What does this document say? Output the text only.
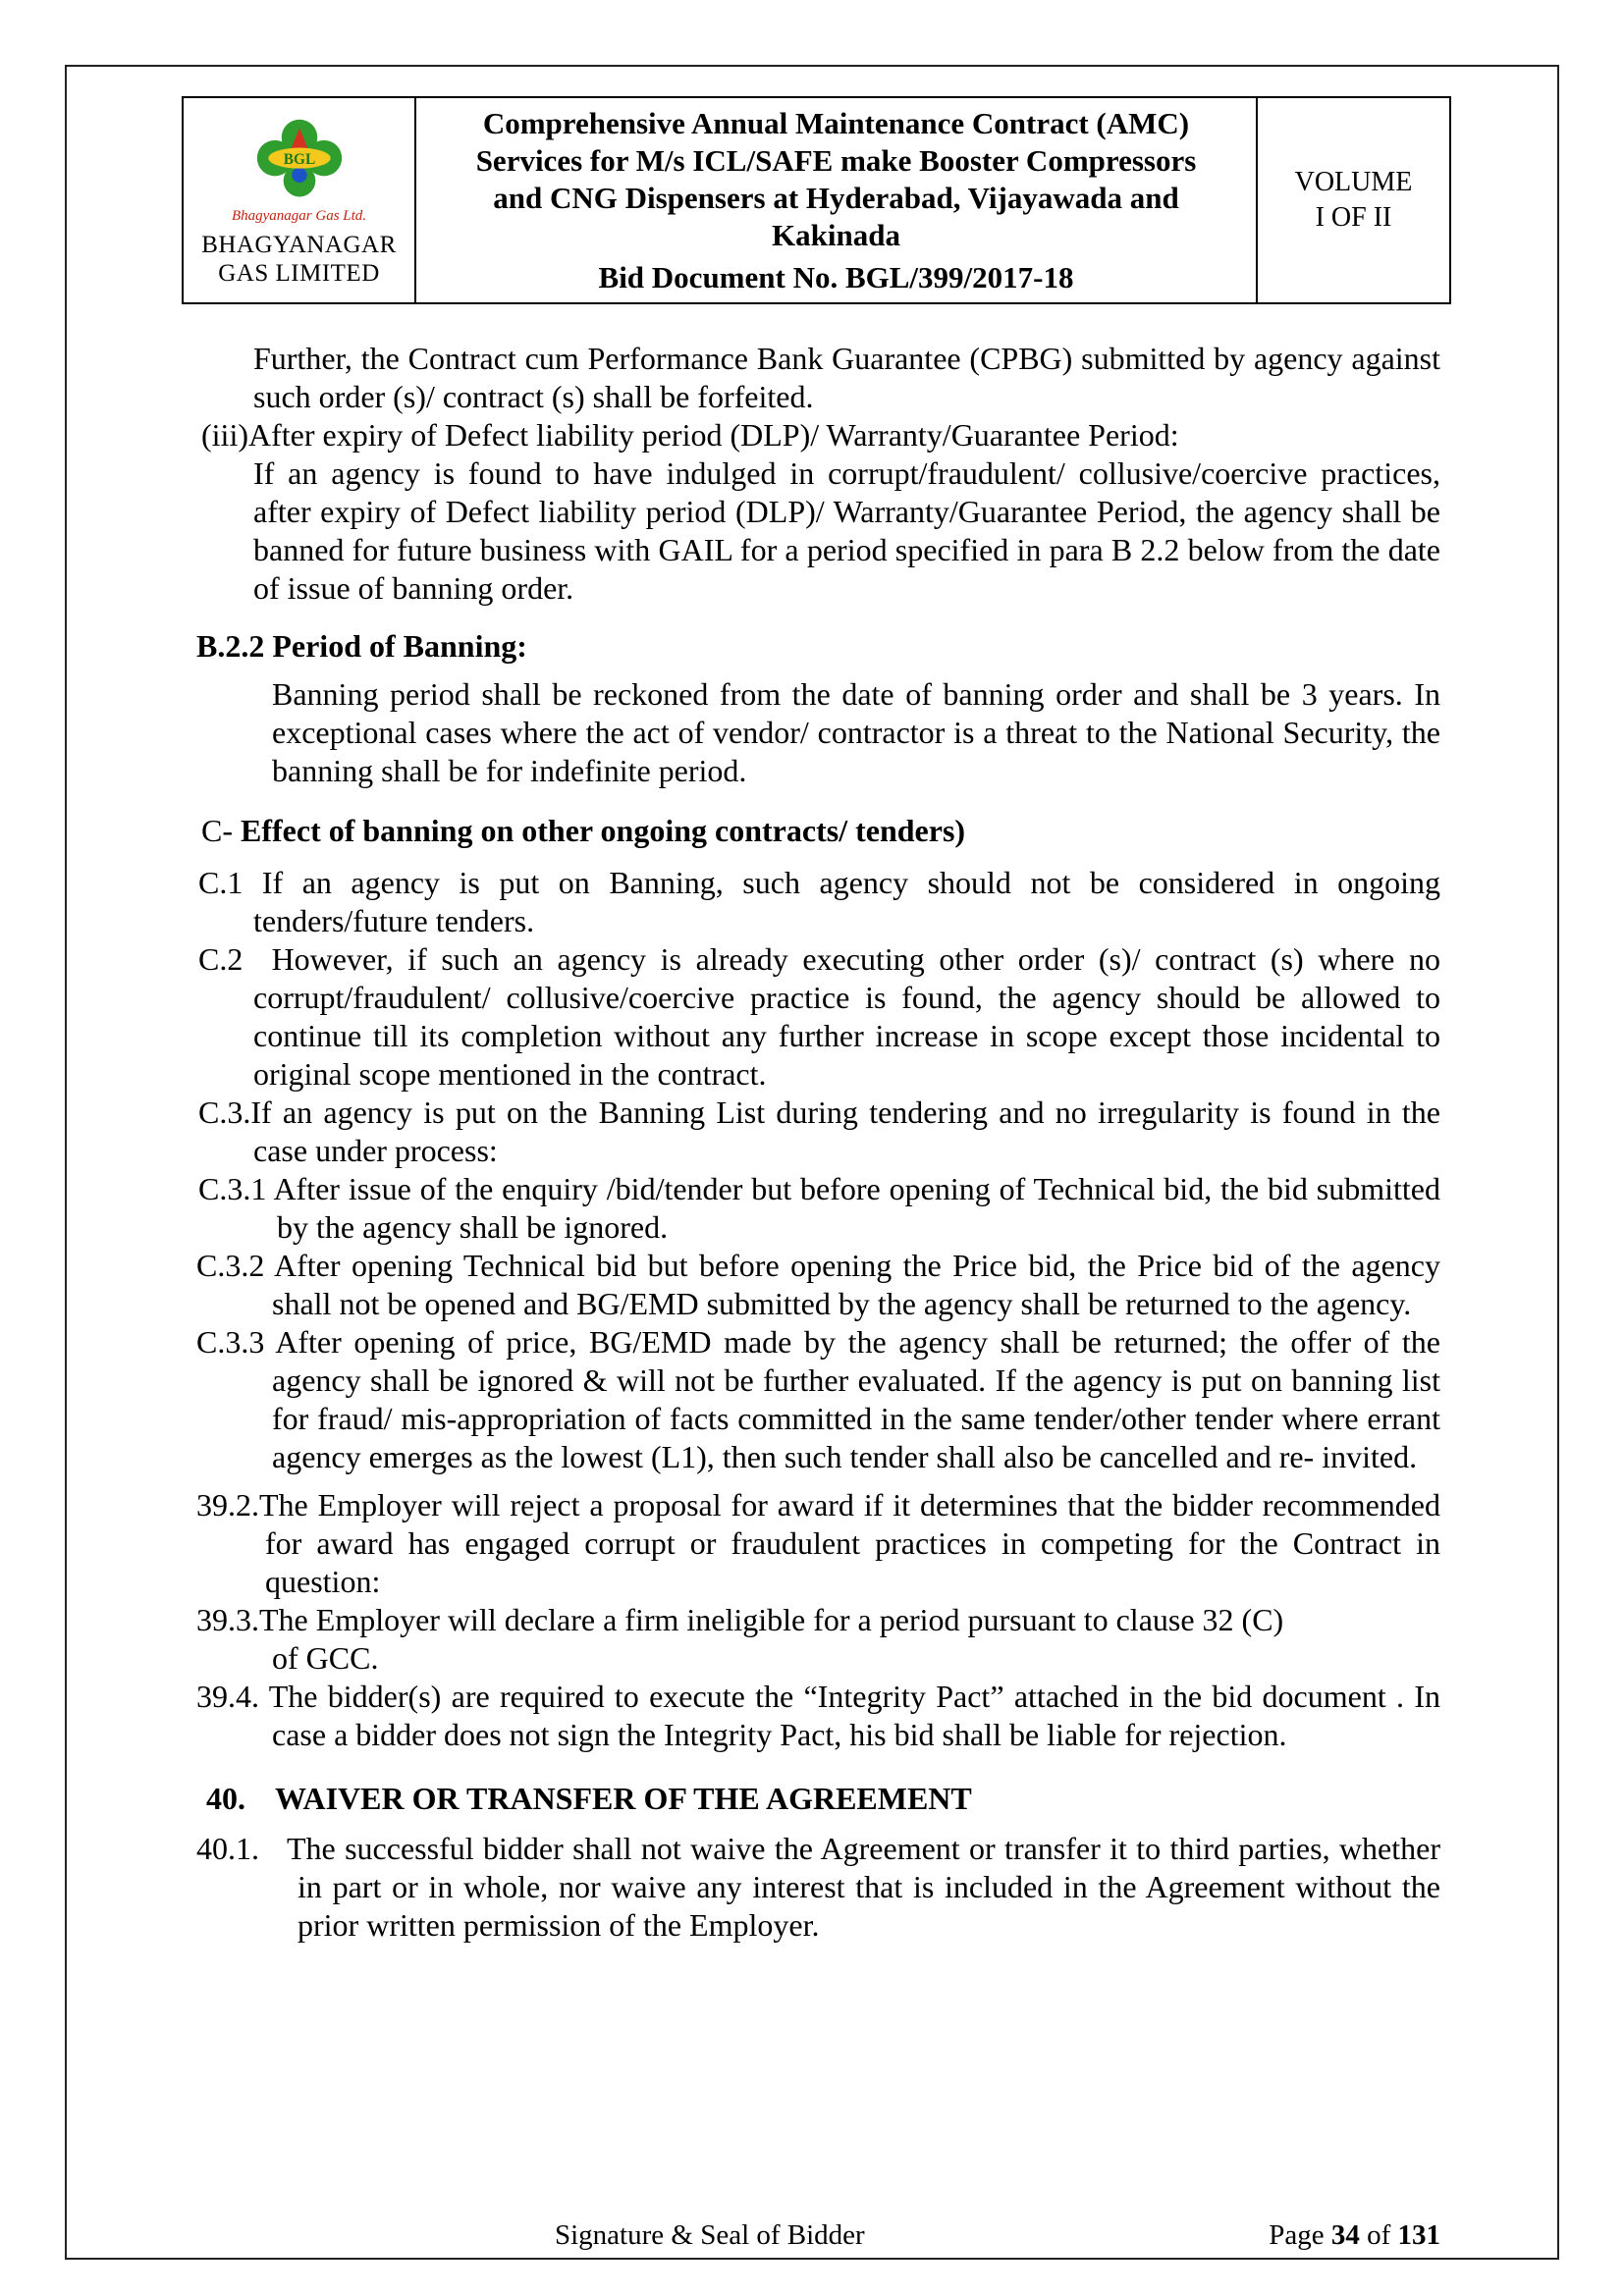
BGL
Bhagyanagar Gas Ltd.
BHAGYANAGAR
GAS LIMITED
Comprehensive Annual Maintenance Contract (AMC)
Services for M/s ICL/SAFE make Booster Compressors
and CNG Dispensers at Hyderabad, Vijayawada and
Kakinada
Bid Document No. BGL/399/2017-18
VOLUME
I OF II
Further, the Contract cum Performance Bank Guarantee (CPBG) submitted by agency against such order (s)/ contract (s) shall be forfeited.
(iii)After expiry of Defect liability period (DLP)/ Warranty/Guarantee Period:
If an agency is found to have indulged in corrupt/fraudulent/ collusive/coercive practices, after expiry of Defect liability period (DLP)/ Warranty/Guarantee Period, the agency shall be banned for future business with GAIL for a period specified in para B 2.2 below from the date of issue of banning order.
B.2.2 Period of Banning:
Banning period shall be reckoned from the date of banning order and shall be 3 years. In exceptional cases where the act of vendor/ contractor is a threat to the National Security, the banning shall be for indefinite period.
C- Effect of banning on other ongoing contracts/ tenders)
C.1 If an agency is put on Banning, such agency should not be considered in ongoing tenders/future tenders.
C.2  However, if such an agency is already executing other order (s)/ contract (s) where no corrupt/fraudulent/ collusive/coercive practice is found, the agency should be allowed to continue till its completion without any further increase in scope except those incidental to original scope mentioned in the contract.
C.3.If an agency is put on the Banning List during tendering and no irregularity is found in the case under process:
C.3.1 After issue of the enquiry /bid/tender but before opening of Technical bid, the bid submitted by the agency shall be ignored.
C.3.2 After opening Technical bid but before opening the Price bid, the Price bid of the agency shall not be opened and BG/EMD submitted by the agency shall be returned to the agency.
C.3.3 After opening of price, BG/EMD made by the agency shall be returned; the offer of the agency shall be ignored & will not be further evaluated. If the agency is put on banning list for fraud/ mis-appropriation of facts committed in the same tender/other tender where errant agency emerges as the lowest (L1), then such tender shall also be cancelled and re- invited.
39.2.The Employer will reject a proposal for award if it determines that the bidder recommended for award has engaged corrupt or fraudulent practices in competing for the Contract in question:
39.3.The Employer will declare a firm ineligible for a period pursuant to clause 32 (C)
of GCC.
39.4. The bidder(s) are required to execute the “Integrity Pact” attached in the bid document . In case a bidder does not sign the Integrity Pact, his bid shall be liable for rejection.
40. WAIVER OR TRANSFER OF THE AGREEMENT
40.1. The successful bidder shall not waive the Agreement or transfer it to third parties, whether in part or in whole, nor waive any interest that is included in the Agreement without the prior written permission of the Employer.
Signature & Seal of Bidder	Page 34 of 131
